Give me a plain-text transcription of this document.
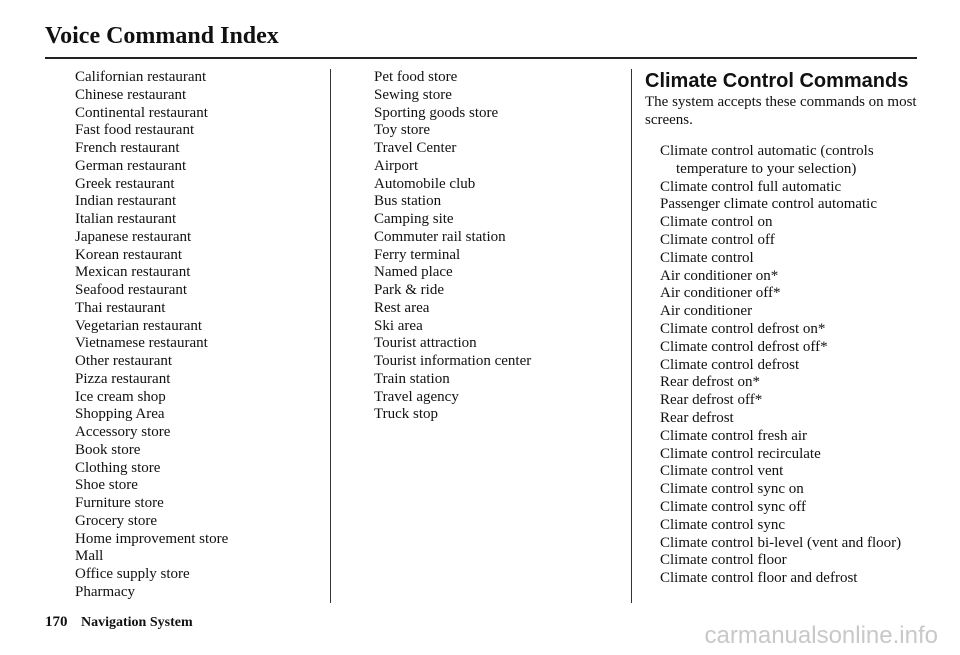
Voice Command Index
Californian restaurant
Chinese restaurant
Continental restaurant
Fast food restaurant
French restaurant
German restaurant
Greek restaurant
Indian restaurant
Italian restaurant
Japanese restaurant
Korean restaurant
Mexican restaurant
Seafood restaurant
Thai restaurant
Vegetarian restaurant
Vietnamese restaurant
Other restaurant
Pizza restaurant
Ice cream shop
Shopping Area
Accessory store
Book store
Clothing store
Shoe store
Furniture store
Grocery store
Home improvement store
Mall
Office supply store
Pharmacy
Pet food store
Sewing store
Sporting goods store
Toy store
Travel Center
Airport
Automobile club
Bus station
Camping site
Commuter rail station
Ferry terminal
Named place
Park & ride
Rest area
Ski area
Tourist attraction
Tourist information center
Train station
Travel agency
Truck stop
Climate Control Commands

The system accepts these commands on most screens.

Climate control automatic (controls temperature to your selection)
Climate control full automatic
Passenger climate control automatic
Climate control on
Climate control off
Climate control
Air conditioner on*
Air conditioner off*
Air conditioner
Climate control defrost on*
Climate control defrost off*
Climate control defrost
Rear defrost on*
Rear defrost off*
Rear defrost
Climate control fresh air
Climate control recirculate
Climate control vent
Climate control sync on
Climate control sync off
Climate control sync
Climate control bi-level (vent and floor)
Climate control floor
Climate control floor and defrost
170 Navigation System	carmanualsonline.info
